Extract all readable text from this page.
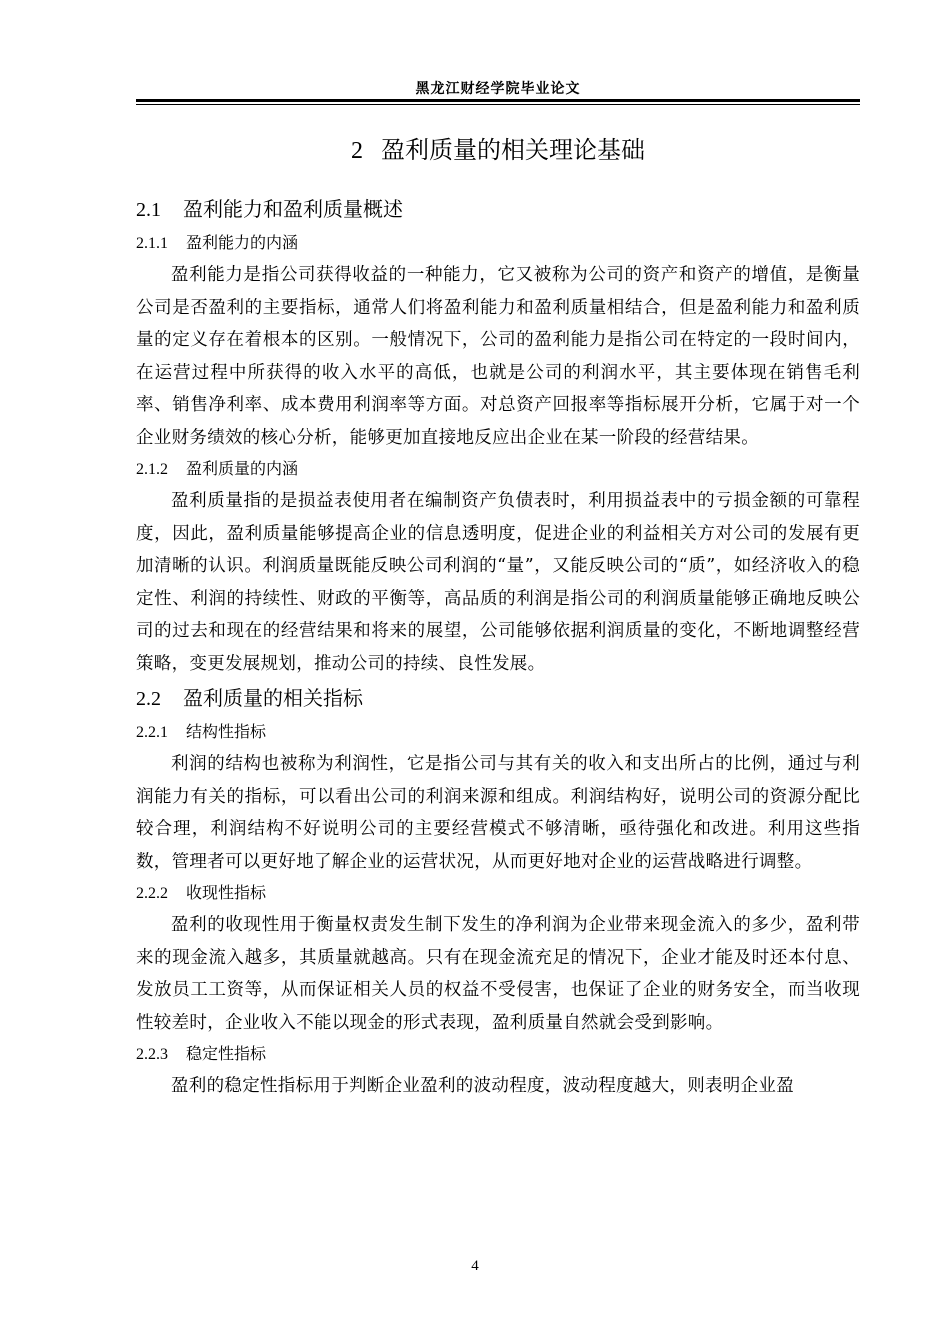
黑龙江财经学院毕业论文
2 盈利质量的相关理论基础
2.1 盈利能力和盈利质量概述
2.1.1 盈利能力的内涵

盈利能力是指公司获得收益的一种能力，它又被称为公司的资产和资产的增值，是衡量公司是否盈利的主要指标，通常人们将盈利能力和盈利质量相结合，但是盈利能力和盈利质量的定义存在着根本的区别。一般情况下，公司的盈利能力是指公司在特定的一段时间内，在运营过程中所获得的收入水平的高低，也就是公司的利润水平，其主要体现在销售毛利率、销售净利率、成本费用利润率等方面。对总资产回报率等指标展开分析，它属于对一个企业财务绩效的核心分析，能够更加直接地反应出企业在某一阶段的经营结果。

2.1.2 盈利质量的内涵

盈利质量指的是损益表使用者在编制资产负债表时，利用损益表中的亏损金额的可靠程度，因此，盈利质量能够提高企业的信息透明度，促进企业的利益相关方对公司的发展有更加清晰的认识。利润质量既能反映公司利润的“量”，又能反映公司的“质”，如经济收入的稳定性、利润的持续性、财政的平衡等，高品质的利润是指公司的利润质量能够正确地反映公司的过去和现在的经营结果和将来的展望，公司能够依据利润质量的变化，不断地调整经营策略，变更发展规划，推动公司的持续、良性发展。

2.2 盈利质量的相关指标
2.2.1 结构性指标

利润的结构也被称为利润性，它是指公司与其有关的收入和支出所占的比例，通过与利润能力有关的指标，可以看出公司的利润来源和组成。利润结构好，说明公司的资源分配比较合理，利润结构不好说明公司的主要经营模式不够清晰，亟待强化和改进。利用这些指数，管理者可以更好地了解企业的运营状况，从而更好地对企业的运营战略进行调整。

2.2.2 收现性指标

盈利的收现性用于衡量权责发生制下发生的净利润为企业带来现金流入的多少，盈利带来的现金流入越多，其质量就越高。只有在现金流充足的情况下，企业才能及时还本付息、发放员工工资等，从而保证相关人员的权益不受侵害，也保证了企业的财务安全，而当收现性较差时，企业收入不能以现金的形式表现，盈利质量自然就会受到影响。

2.2.3 稳定性指标

盈利的稳定性指标用于判断企业盈利的波动程度，波动程度越大，则表明企业盈

4
